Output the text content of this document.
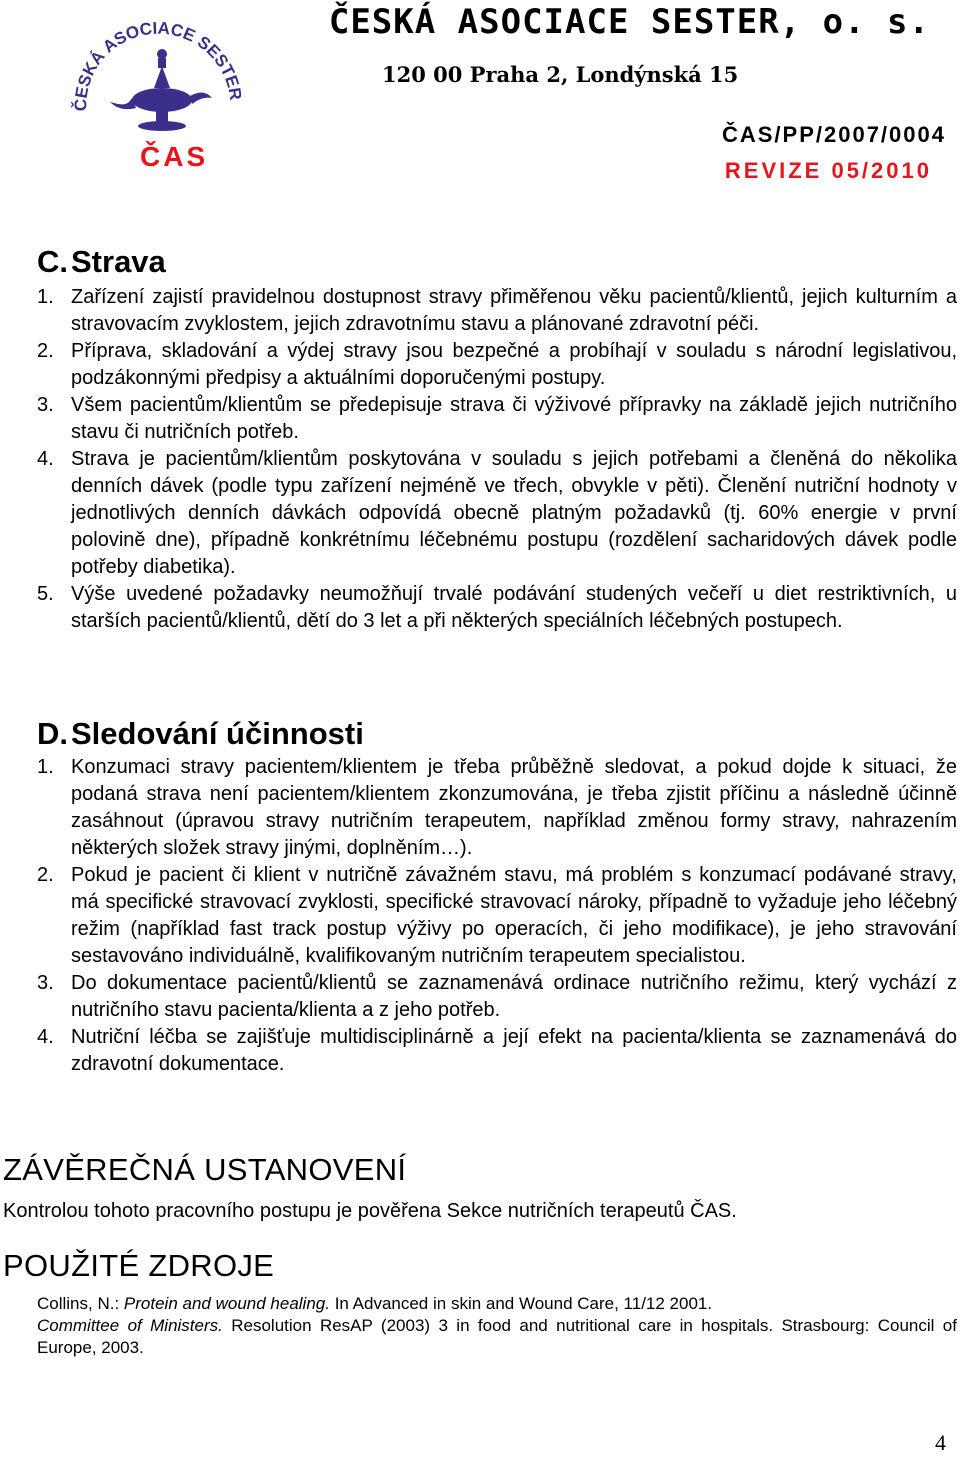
ČESKÁ ASOCIACE SESTER
ČAS
ČESKÁ ASOCIACE SESTER, o. s.
120 00 Praha 2, Londýnská 15
ČAS/PP/2007/0004
REVIZE 05/2010
C.Strava
1. Zařízení zajistí pravidelnou dostupnost stravy přiměřenou věku pacientů/klientů, jejich kulturním a stravovacím zvyklostem, jejich zdravotnímu stavu a plánované zdravotní péči.
2. Příprava, skladování a výdej stravy jsou bezpečné a probíhají v souladu s národní legislativou, podzákonnými předpisy a aktuálními doporučenými postupy.
3. Všem pacientům/klientům se předepisuje strava či výživové přípravky na základě jejich nutričního stavu či nutričních potřeb.
4. Strava je pacientům/klientům poskytována v souladu s jejich potřebami a členěná do několika denních dávek (podle typu zařízení nejméně ve třech, obvykle v pěti). Členění nutriční hodnoty v jednotlivých denních dávkách odpovídá obecně platným požadavků (tj. 60% energie v první polovině dne), případně konkrétnímu léčebnému postupu (rozdělení sacharidových dávek podle potřeby diabetika).
5. Výše uvedené požadavky neumožňují trvalé podávání studených večeří u diet restriktivních, u starších pacientů/klientů, dětí do 3 let a při některých speciálních léčebných postupech.
D.Sledování účinnosti
1. Konzumaci stravy pacientem/klientem je třeba průběžně sledovat, a pokud dojde k situaci, že podaná strava není pacientem/klientem zkonzumována, je třeba zjistit příčinu a následně účinně zasáhnout (úpravou stravy nutričním terapeutem, například změnou formy stravy, nahrazením některých složek stravy jinými, doplněním…).
2. Pokud je pacient či klient v nutričně závažném stavu, má problém s konzumací podávané stravy, má specifické stravovací zvyklosti, specifické stravovací nároky, případně to vyžaduje jeho léčebný režim (například fast track postup výživy po operacích, či jeho modifikace), je jeho stravování sestavováno individuálně, kvalifikovaným nutričním terapeutem specialistou.
3. Do dokumentace pacientů/klientů se zaznamenává ordinace nutričního režimu, který vychází z nutričního stavu pacienta/klienta a z jeho potřeb.
4. Nutriční léčba se zajišťuje multidisciplinárně a její efekt na pacienta/klienta se zaznamenává do zdravotní dokumentace.
ZÁVĚREČNÁ USTANOVENÍ
Kontrolou tohoto pracovního postupu je pověřena Sekce nutričních terapeutů ČAS.
POUŽITÉ ZDROJE

Collins, N.: Protein and wound healing. In Advanced in skin and Wound Care, 11/12 2001.

Committee of Ministers. Resolution ResAP (2003) 3 in food and nutritional care in hospitals. Strasbourg: Council of Europe, 2003.

4
